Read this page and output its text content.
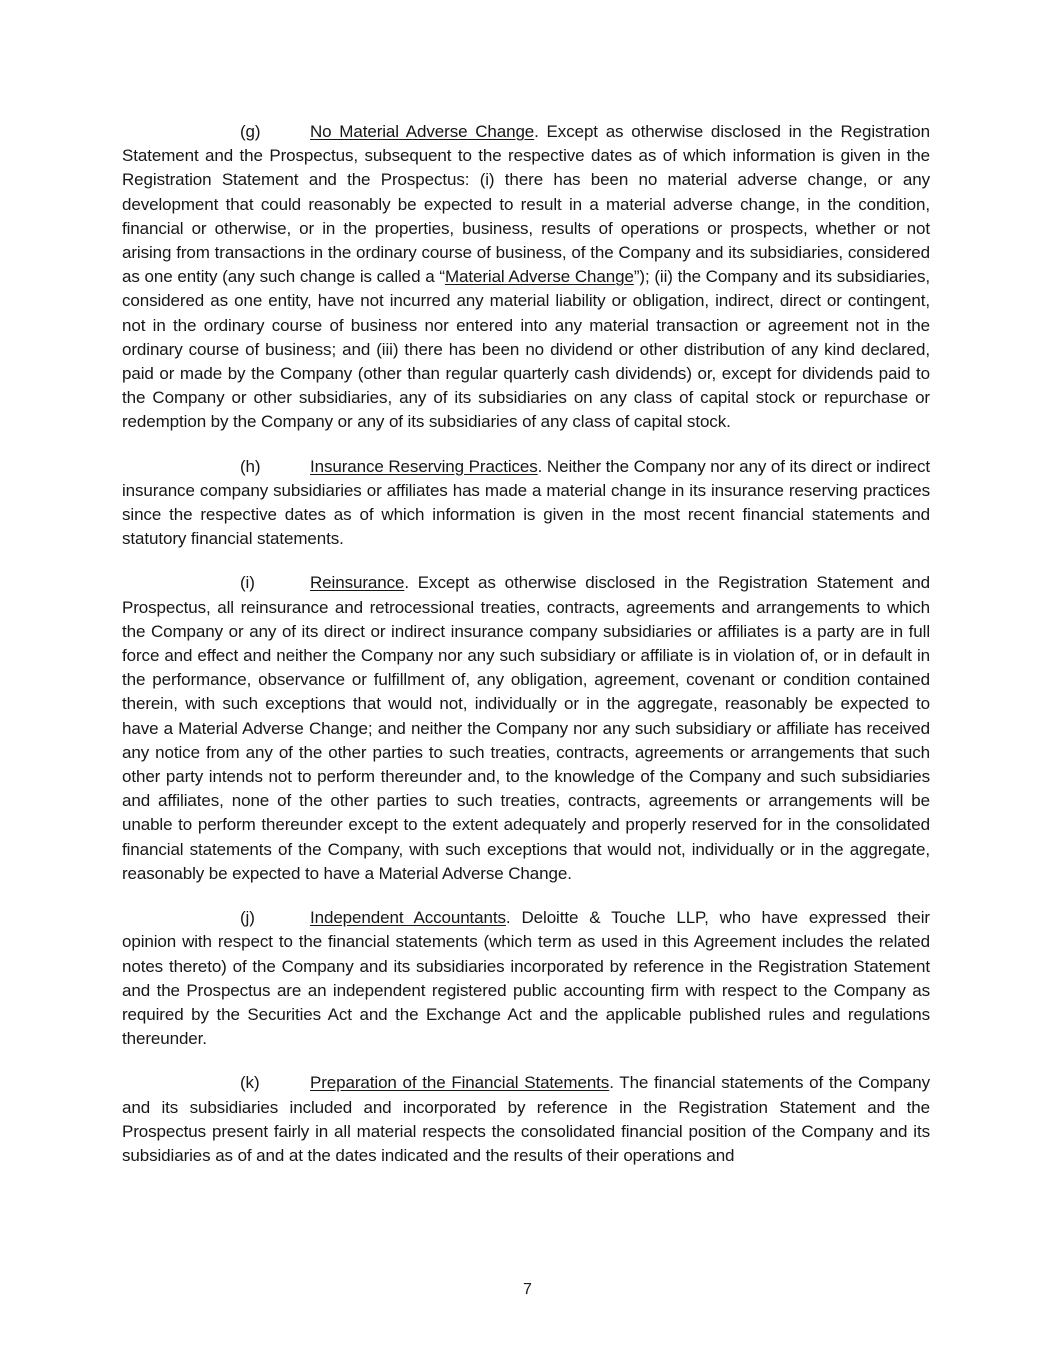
(g)	No Material Adverse Change. Except as otherwise disclosed in the Registration Statement and the Prospectus, subsequent to the respective dates as of which information is given in the Registration Statement and the Prospectus: (i) there has been no material adverse change, or any development that could reasonably be expected to result in a material adverse change, in the condition, financial or otherwise, or in the properties, business, results of operations or prospects, whether or not arising from transactions in the ordinary course of business, of the Company and its subsidiaries, considered as one entity (any such change is called a “Material Adverse Change”); (ii) the Company and its subsidiaries, considered as one entity, have not incurred any material liability or obligation, indirect, direct or contingent, not in the ordinary course of business nor entered into any material transaction or agreement not in the ordinary course of business; and (iii) there has been no dividend or other distribution of any kind declared, paid or made by the Company (other than regular quarterly cash dividends) or, except for dividends paid to the Company or other subsidiaries, any of its subsidiaries on any class of capital stock or repurchase or redemption by the Company or any of its subsidiaries of any class of capital stock.

(h)	Insurance Reserving Practices. Neither the Company nor any of its direct or indirect insurance company subsidiaries or affiliates has made a material change in its insurance reserving practices since the respective dates as of which information is given in the most recent financial statements and statutory financial statements.

(i)	Reinsurance. Except as otherwise disclosed in the Registration Statement and Prospectus, all reinsurance and retrocessional treaties, contracts, agreements and arrangements to which the Company or any of its direct or indirect insurance company subsidiaries or affiliates is a party are in full force and effect and neither the Company nor any such subsidiary or affiliate is in violation of, or in default in the performance, observance or fulfillment of, any obligation, agreement, covenant or condition contained therein, with such exceptions that would not, individually or in the aggregate, reasonably be expected to have a Material Adverse Change; and neither the Company nor any such subsidiary or affiliate has received any notice from any of the other parties to such treaties, contracts, agreements or arrangements that such other party intends not to perform thereunder and, to the knowledge of the Company and such subsidiaries and affiliates, none of the other parties to such treaties, contracts, agreements or arrangements will be unable to perform thereunder except to the extent adequately and properly reserved for in the consolidated financial statements of the Company, with such exceptions that would not, individually or in the aggregate, reasonably be expected to have a Material Adverse Change.

(j)	Independent Accountants. Deloitte & Touche LLP, who have expressed their opinion with respect to the financial statements (which term as used in this Agreement includes the related notes thereto) of the Company and its subsidiaries incorporated by reference in the Registration Statement and the Prospectus are an independent registered public accounting firm with respect to the Company as required by the Securities Act and the Exchange Act and the applicable published rules and regulations thereunder.

(k)	Preparation of the Financial Statements. The financial statements of the Company and its subsidiaries included and incorporated by reference in the Registration Statement and the Prospectus present fairly in all material respects the consolidated financial position of the Company and its subsidiaries as of and at the dates indicated and the results of their operations and

7
